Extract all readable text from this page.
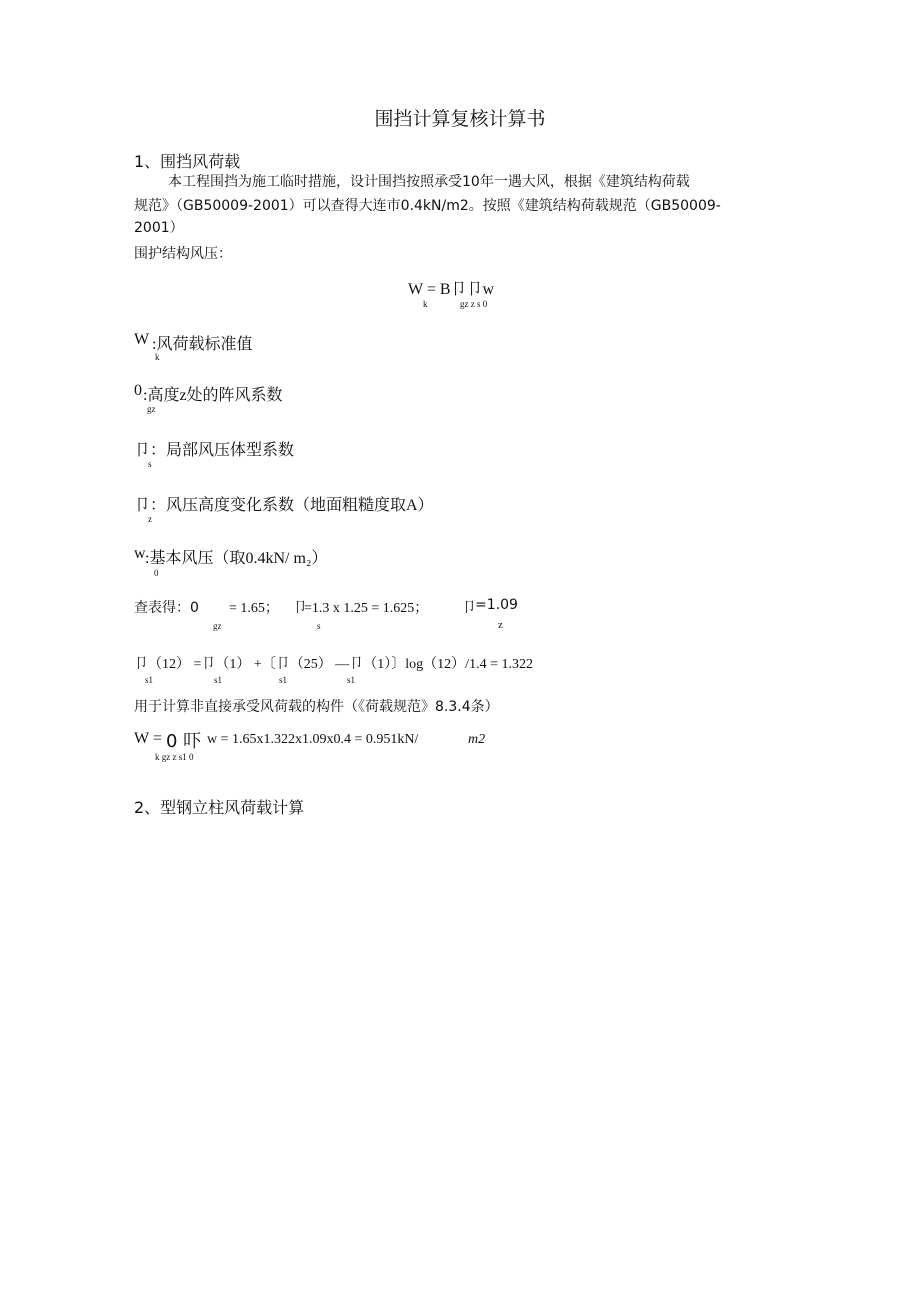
围挡计算复核计算书
1、围挡风荷载
本工程围挡为施工临时措施，设计围挡按照承受10年一遇大风，根据《建筑结构荷载
规范》（GB50009-2001）可以查得大连市0.4kN/m2。按照《建筑结构荷载规范（GB50009-
2001）
围护结构风压：
W = B卩卩w
k	gz z s 0
W
k
:风荷载标准值
0
gz
:高度z处的阵风系数
卩
s
：局部风压体型系数
卩
z
：风压高度变化系数（地面粗糙度取A）
w
0
:基本风压（取0.4kN/ m₂）
查表得：0 = 1.65； 卩
=1.3 x 1.25 = 1.625； 卩 =1.09
gz	s	z
卩（12） =卩（1） +〔卩（25） —卩（1）〕log（12）/1.4 = 1.322
s1	s1	s1	s1
用于计算非直接承受风荷载的构件（《荷载规范》8.3.4条）
W = 0 吓 w = 1.65x1.322x1.09x0.4 = 0.951kN/	m2
k gz z s1 0
2、型钢立柱风荷载计算
